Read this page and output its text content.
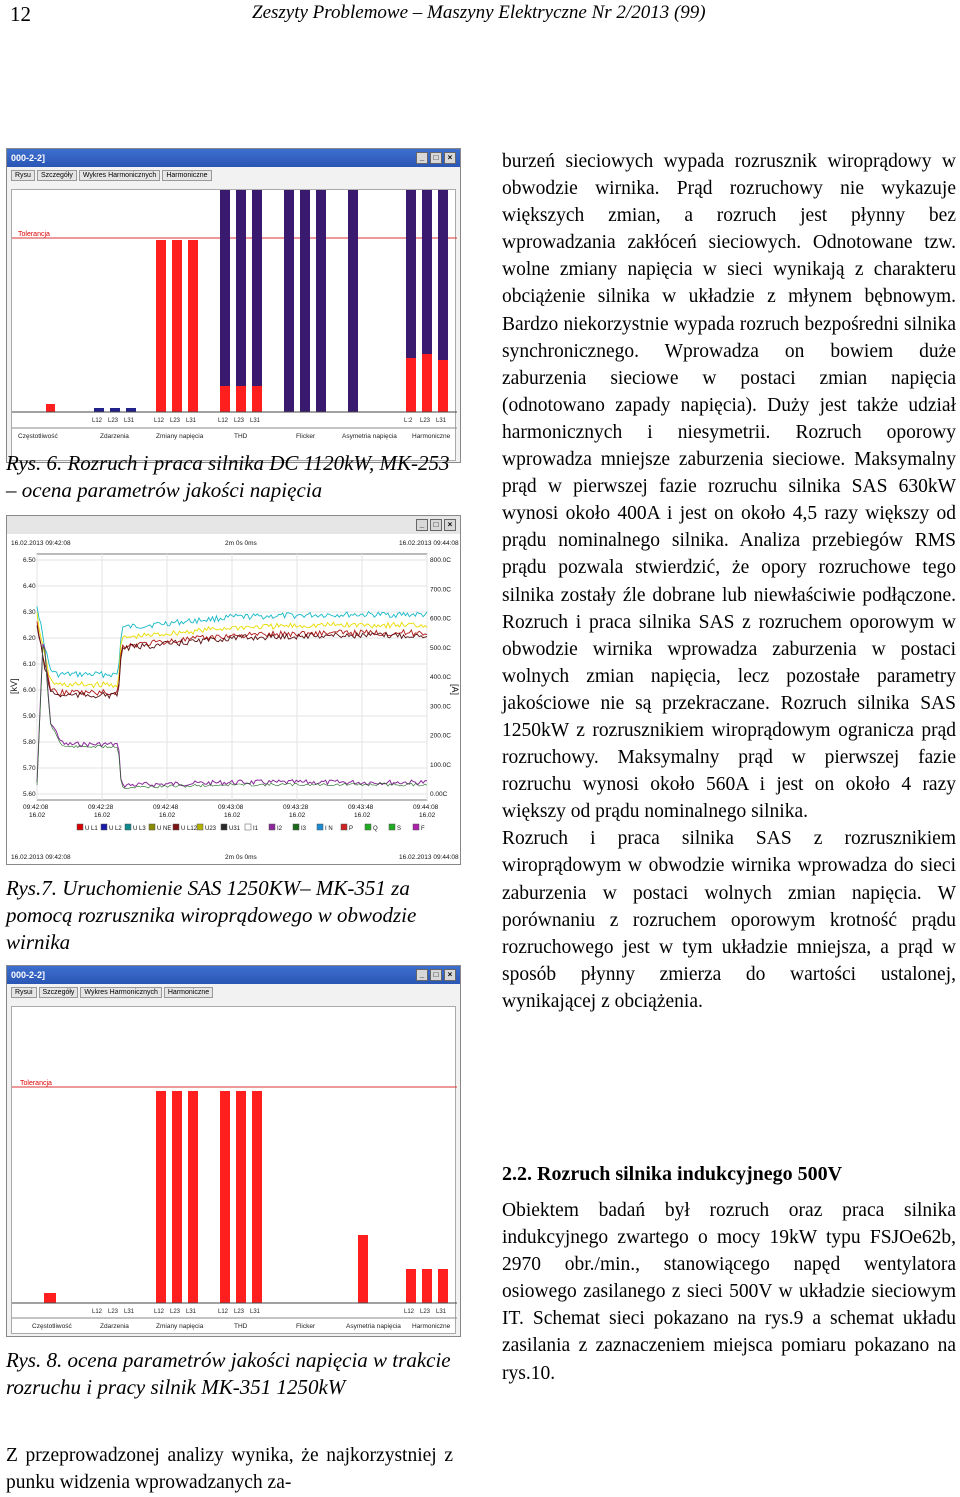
12	Zeszyty Problemowe – Maszyny Elektryczne Nr 2/2013 (99)
000-2-2]	_	□	×
Rysu	Szczegóły	Wykres Harmonicznych	Harmoniczne
Tolerancja
L12 L23 L31	L12 L23 L31	L12 L23 L31	L:2 L23 L31
Częstotliwość	Zdarzenia	Zmiany napięcia	THD	Flicker	Asymetria napięcia Harmoniczne
Rys. 6. Rozruch i praca silnika DC 1120kW, MK-253 – ocena parametrów jakości napięcia
_	□	×
16.02.2013 09:42:08	2m 0s 0ms	16.02.2013 09:44:08
6.50
6.40
6.30
6.20
6.10
6.00
5.90
5.80
5.70
5.60
800.0C
700.0C
600.0C
500.0C
400.0C
300.0C
200.0C
100.0C
0.00C
[kV]	[A]
09:42:08
16.02
09:42:28
16.02
09:42:48
16.02
09:43:08
16.02
09:43:28
16.02
09:43:48
16.02
09:44:08
16.02
U L1 U L2 U L3 U NE U L12 U23 U31 I1	I2	I3	I N	P	Q	S	F
16.02.2013 09:42:08	2m 0s 0ms	16.02.2013 09:44:08
Rys.7. Uruchomienie SAS 1250KW– MK-351 za pomocą rozrusznika wiroprądowego w obwodzie wirnika
000-2-2]	_	□	×
Rysui	Szczegóły	Wykres Harmonicznych	Harmoniczne
Tolerancja
L12 L23 L31	L12 L23 L31	L12 L23 L31	L12 L23 L31
Częstotliwość	Zdarzenia	Zmiany napięcia	THD	Flicker	Asymetria napięcia Harmoniczne
Rys. 8. ocena parametrów jakości napięcia w trakcie rozruchu i pracy silnik MK-351 1250kW

Z przeprowadzonej analizy wynika, że najkorzystniej z punku widzenia wprowadzanych za-

burzeń sieciowych wypada rozrusznik wiroprądowy w obwodzie wirnika. Prąd rozruchowy nie wykazuje większych zmian, a rozruch jest płynny bez wprowadzania zakłóceń sieciowych. Odnotowane tzw. wolne zmiany napięcia w sieci wynikają z charakteru obciążenie silnika w układzie z młynem bębnowym. Bardzo niekorzystnie wypada rozruch bezpośredni silnika synchronicznego. Wprowadza on bowiem duże zaburzenia sieciowe w postaci zmian napięcia (odnotowano zapady napięcia). Duży jest także udział harmonicznych i niesymetrii. Rozruch oporowy wprowadza mniejsze zaburzenia sieciowe. Maksymalny prąd w pierwszej fazie rozruchu silnika SAS 630kW wynosi około 400A i jest on około 4,5 razy większy od prądu nominalnego silnika. Analiza przebiegów RMS prądu pozwala stwierdzić, że opory rozruchowe tego silnika zostały źle dobrane lub niewłaściwie podłączone. Rozruch i praca silnika SAS z rozruchem oporowym w obwodzie wirnika wprowadza zaburzenia w postaci wolnych zmian napięcia, lecz pozostałe parametry jakościowe nie są przekraczane. Rozruch silnika SAS 1250kW z rozrusznikiem wiroprądowym ogranicza prąd rozruchowy. Maksymalny prąd w pierwszej fazie rozruchu wynosi około 560A i jest on około 4 razy większy od prądu nominalnego silnika.

Rozruch i praca silnika SAS z rozrusznikiem wiroprądowym w obwodzie wirnika wprowadza do sieci zaburzenia w postaci wolnych zmian napięcia. W porównaniu z rozruchem oporowym krotność prądu rozruchowego jest w tym układzie mniejsza, a prąd w sposób płynny zmierza do wartości ustalonej, wynikającej z obciążenia.

2.2. Rozruch silnika indukcyjnego 500V

Obiektem badań był rozruch oraz praca silnika indukcyjnego zwartego o mocy 19kW typu FSJOe62b, 2970 obr./min., stanowiącego napęd wentylatora osiowego zasilanego z sieci 500V w układzie sieciowym IT. Schemat sieci pokazano na rys.9 a schemat układu zasilania z zaznaczeniem miejsca pomiaru pokazano na rys.10.
